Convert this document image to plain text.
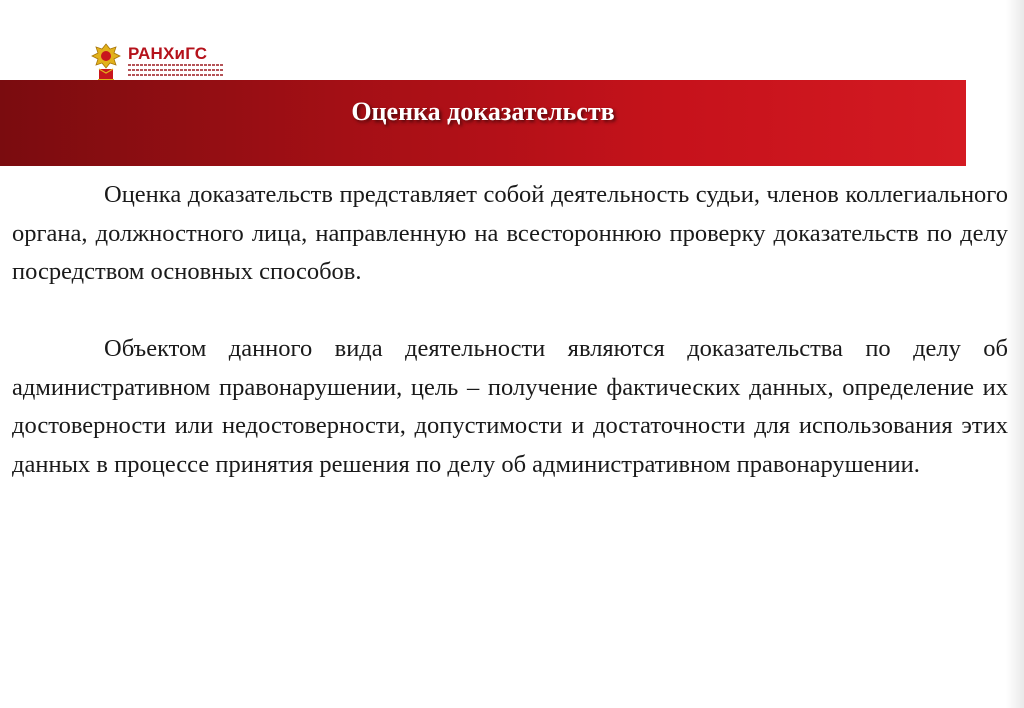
РАНХиГС
Оценка доказательств

Оценка доказательств представляет собой деятельность судьи, членов коллегиального органа, должностного лица, направленную на всестороннюю проверку доказательств по делу посредством основных способов.

Объектом данного вида деятельности являются доказательства по делу об административном правонарушении, цель – получение фактических данных, определение их достоверности или недостоверности, допустимости и достаточности для использования этих данных в процессе принятия решения по делу об административном правонарушении.
